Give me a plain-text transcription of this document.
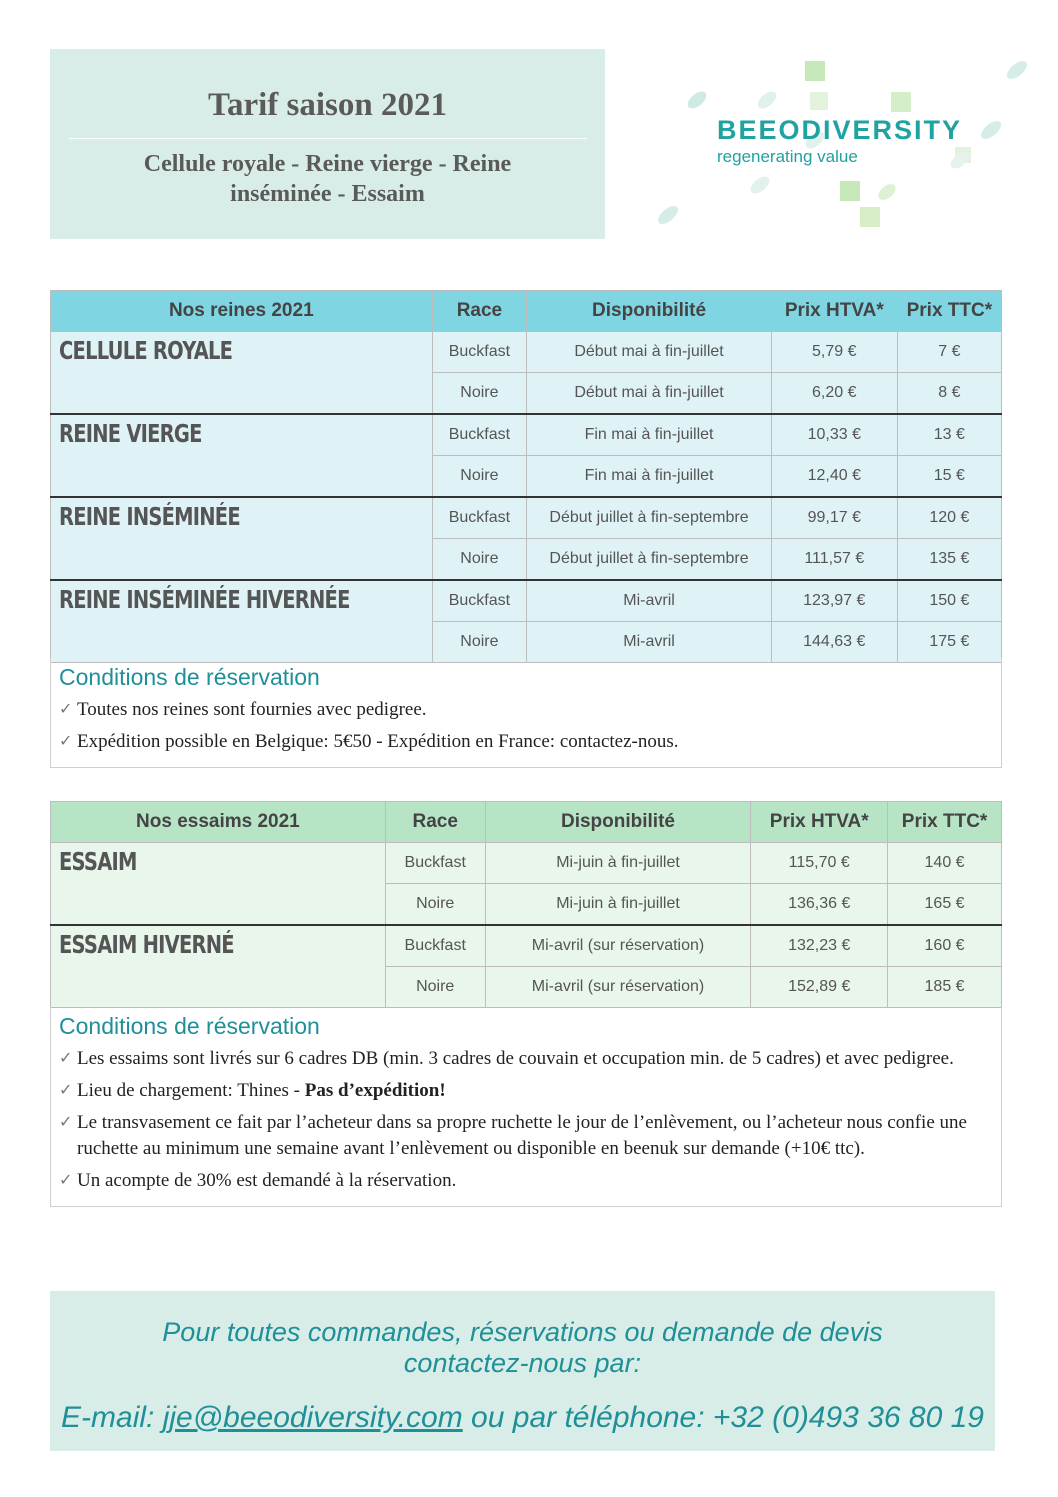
Tarif saison 2021
Cellule royale - Reine vierge - Reine
inséminée - Essaim
BEEODIVERSITY
regenerating value
Nos reines 2021	Race	Disponibilité	Prix HTVA*	Prix TTC*
CELLULE ROYALE	Buckfast	Début mai à fin-juillet	5,79 €	7 €
	Noire	Début mai à fin-juillet	6,20 €	8 €
REINE VIERGE	Buckfast	Fin mai à fin-juillet	10,33 €	13 €
	Noire	Fin mai à fin-juillet	12,40 €	15 €
REINE INSÉMINÉE	Buckfast	Début juillet à fin-septembre	99,17 €	120 €
	Noire	Début juillet à fin-septembre	111,57 €	135 €
REINE INSÉMINÉE HIVERNÉE	Buckfast	Mi-avril	123,97 €	150 €
	Noire	Mi-avril	144,63 €	175 €
Conditions de réservation
✓ Toutes nos reines sont fournies avec pedigree.
✓ Expédition possible en Belgique: 5€50 - Expédition en France: contactez-nous.
Nos essaims 2021	Race	Disponibilité	Prix HTVA*	Prix TTC*
ESSAIM	Buckfast	Mi-juin à fin-juillet	115,70 €	140 €
	Noire	Mi-juin à fin-juillet	136,36 €	165 €
ESSAIM HIVERNÉ	Buckfast	Mi-avril (sur réservation)	132,23 €	160 €
	Noire	Mi-avril (sur réservation)	152,89 €	185 €
Conditions de réservation
✓ Les essaims sont livrés sur 6 cadres DB (min. 3 cadres de couvain et occupation min. de 5 cadres) et avec pedigree.
✓ Lieu de chargement: Thines - Pas d’expédition!
✓ Le transvasement ce fait par l’acheteur dans sa propre ruchette le jour de l’enlèvement, ou l’acheteur nous confie une ruchette au minimum une semaine avant l’enlèvement ou disponible en beenuk sur demande (+10€ ttc).
✓ Un acompte de 30% est demandé à la réservation.
Pour toutes commandes, réservations ou demande de devis
contactez-nous par:
E-mail: jje@beeodiversity.com ou par téléphone: +32 (0)493 36 80 19
